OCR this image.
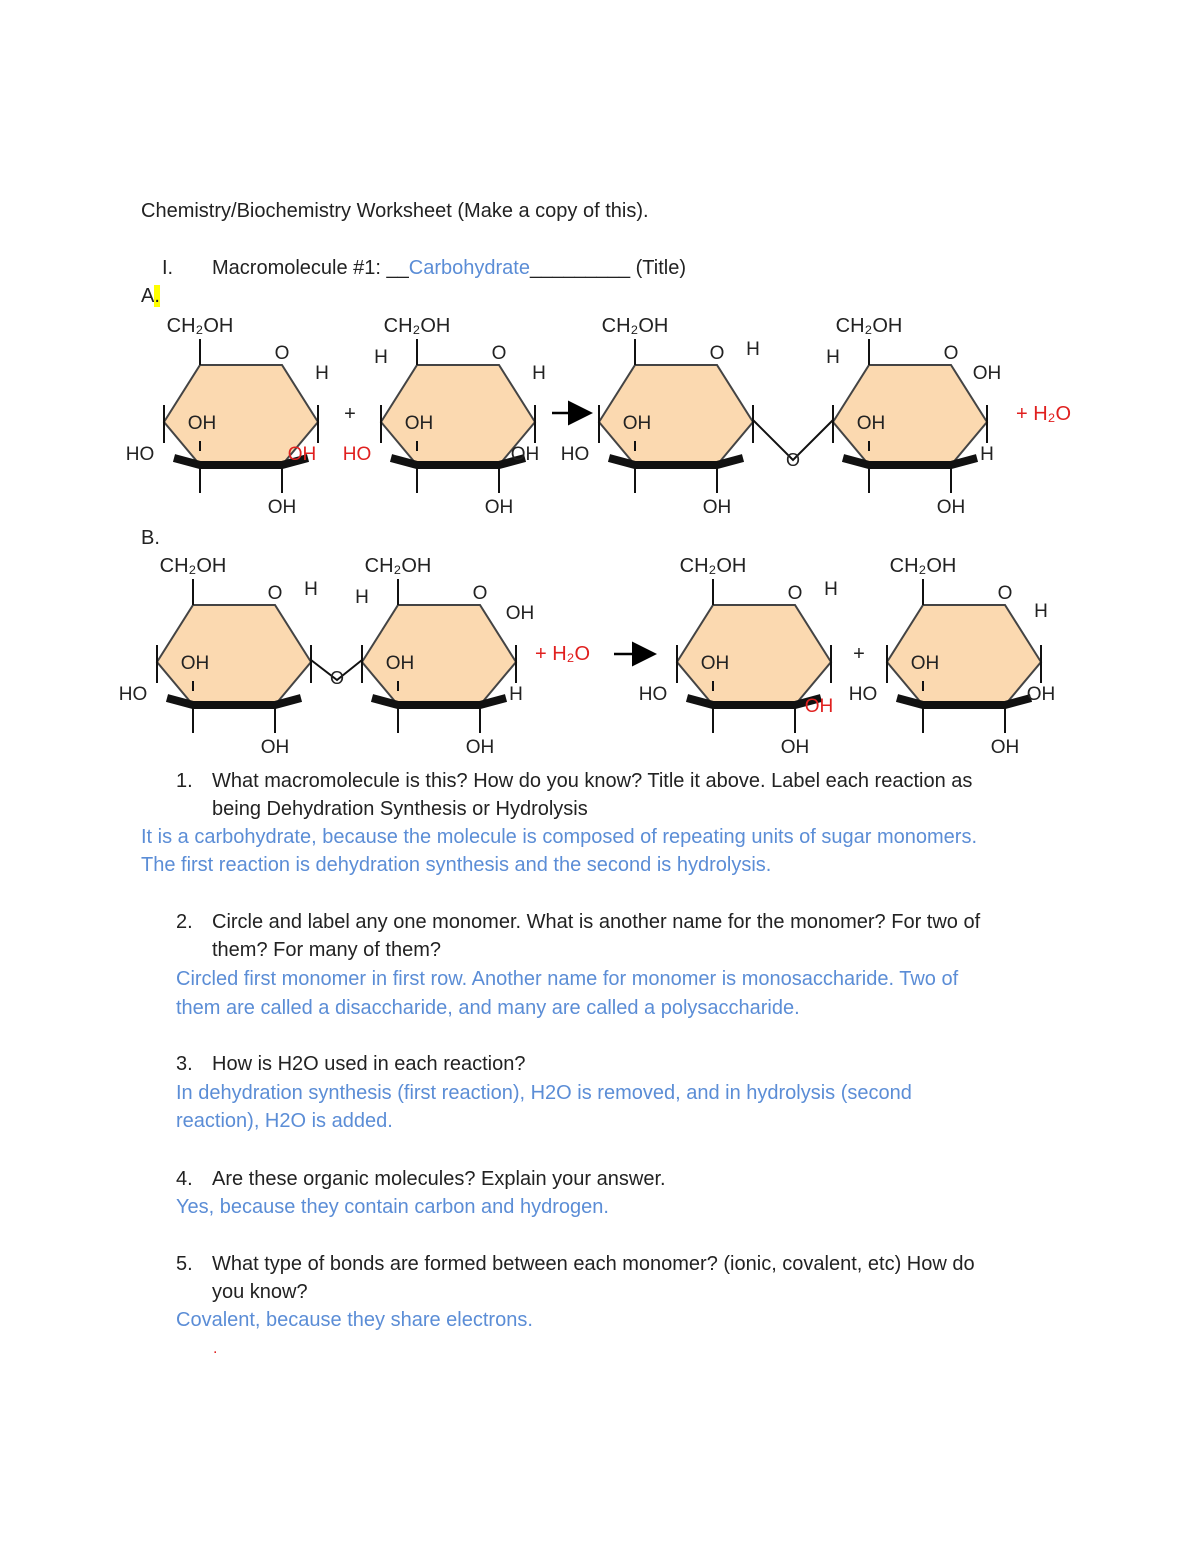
Chemistry/Biochemistry Worksheet (Make a copy of this).
I. Macromolecule #1: __Carbohydrate_________ (Title)
A.
CH₂OH
O
OH
OH
HO
H
OH
CH₂OH
O
OH
OH
HO
H
H
OH
CH₂OH
O
OH
OH
HO
H
CH₂OH
O
OH
OH
H
OH
H
+
O
+ H₂O
B.
CH₂OH
O
OH
OH
HO
H
CH₂OH
O
OH
OH
H
OH
H
CH₂OH
O
OH
OH
HO
H
OH
CH₂OH
O
OH
OH
HO
H
OH
O
+ H₂O	+
1. What macromolecule is this? How do you know? Title it above. Label each reaction as
being Dehydration Synthesis or Hydrolysis
It is a carbohydrate, because the molecule is composed of repeating units of sugar monomers.
The first reaction is dehydration synthesis and the second is hydrolysis.
2. Circle and label any one monomer. What is another name for the monomer? For two of
them? For many of them?
Circled first monomer in first row. Another name for monomer is monosaccharide. Two of
them are called a disaccharide, and many are called a polysaccharide.
3. How is H2O used in each reaction?
In dehydration synthesis (first reaction), H2O is removed, and in hydrolysis (second
reaction), H2O is added.
4. Are these organic molecules? Explain your answer.
Yes, because they contain carbon and hydrogen.
5. What type of bonds are formed between each monomer? (ionic, covalent, etc) How do
you know?
Covalent, because they share electrons.
.
